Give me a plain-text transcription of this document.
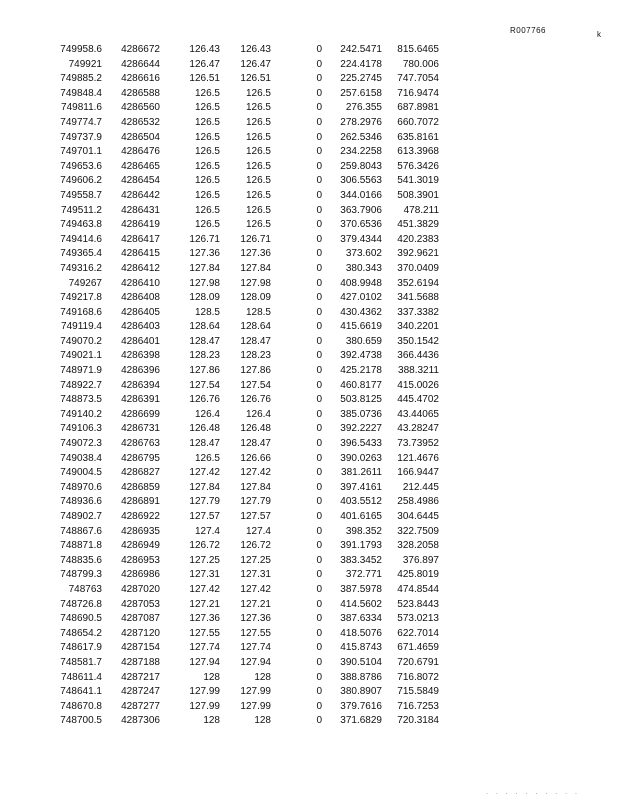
R007766	k
749958.6	4286672	126.43	126.43	0	242.5471	815.6465
749921	4286644	126.47	126.47	0	224.4178	780.006
749885.2	4286616	126.51	126.51	0	225.2745	747.7054
749848.4	4286588	126.5	126.5	0	257.6158	716.9474
749811.6	4286560	126.5	126.5	0	276.355	687.8981
749774.7	4286532	126.5	126.5	0	278.2976	660.7072
749737.9	4286504	126.5	126.5	0	262.5346	635.8161
749701.1	4286476	126.5	126.5	0	234.2258	613.3968
749653.6	4286465	126.5	126.5	0	259.8043	576.3426
749606.2	4286454	126.5	126.5	0	306.5563	541.3019
749558.7	4286442	126.5	126.5	0	344.0166	508.3901
749511.2	4286431	126.5	126.5	0	363.7906	478.211
749463.8	4286419	126.5	126.5	0	370.6536	451.3829
749414.6	4286417	126.71	126.71	0	379.4344	420.2383
749365.4	4286415	127.36	127.36	0	373.602	392.9621
749316.2	4286412	127.84	127.84	0	380.343	370.0409
749267	4286410	127.98	127.98	0	408.9948	352.6194
749217.8	4286408	128.09	128.09	0	427.0102	341.5688
749168.6	4286405	128.5	128.5	0	430.4362	337.3382
749119.4	4286403	128.64	128.64	0	415.6619	340.2201
749070.2	4286401	128.47	128.47	0	380.659	350.1542
749021.1	4286398	128.23	128.23	0	392.4738	366.4436
748971.9	4286396	127.86	127.86	0	425.2178	388.3211
748922.7	4286394	127.54	127.54	0	460.8177	415.0026
748873.5	4286391	126.76	126.76	0	503.8125	445.4702
749140.2	4286699	126.4	126.4	0	385.0736	43.44065
749106.3	4286731	126.48	126.48	0	392.2227	43.28247
749072.3	4286763	128.47	128.47	0	396.5433	73.73952
749038.4	4286795	126.5	126.66	0	390.0263	121.4676
749004.5	4286827	127.42	127.42	0	381.2611	166.9447
748970.6	4286859	127.84	127.84	0	397.4161	212.445
748936.6	4286891	127.79	127.79	0	403.5512	258.4986
748902.7	4286922	127.57	127.57	0	401.6165	304.6445
748867.6	4286935	127.4	127.4	0	398.352	322.7509
748871.8	4286949	126.72	126.72	0	391.1793	328.2058
748835.6	4286953	127.25	127.25	0	383.3452	376.897
748799.3	4286986	127.31	127.31	0	372.771	425.8019
748763	4287020	127.42	127.42	0	387.5978	474.8544
748726.8	4287053	127.21	127.21	0	414.5602	523.8443
748690.5	4287087	127.36	127.36	0	387.6334	573.0213
748654.2	4287120	127.55	127.55	0	418.5076	622.7014
748617.9	4287154	127.74	127.74	0	415.8743	671.4659
748581.7	4287188	127.94	127.94	0	390.5104	720.6791
748611.4	4287217	128	128	0	388.8786	716.8072
748641.1	4287247	127.99	127.99	0	380.8907	715.5849
748670.8	4287277	127.99	127.99	0	379.7616	716.7253
748700.5	4287306	128	128	0	371.6829	720.3184
. . . . . . . . . .
